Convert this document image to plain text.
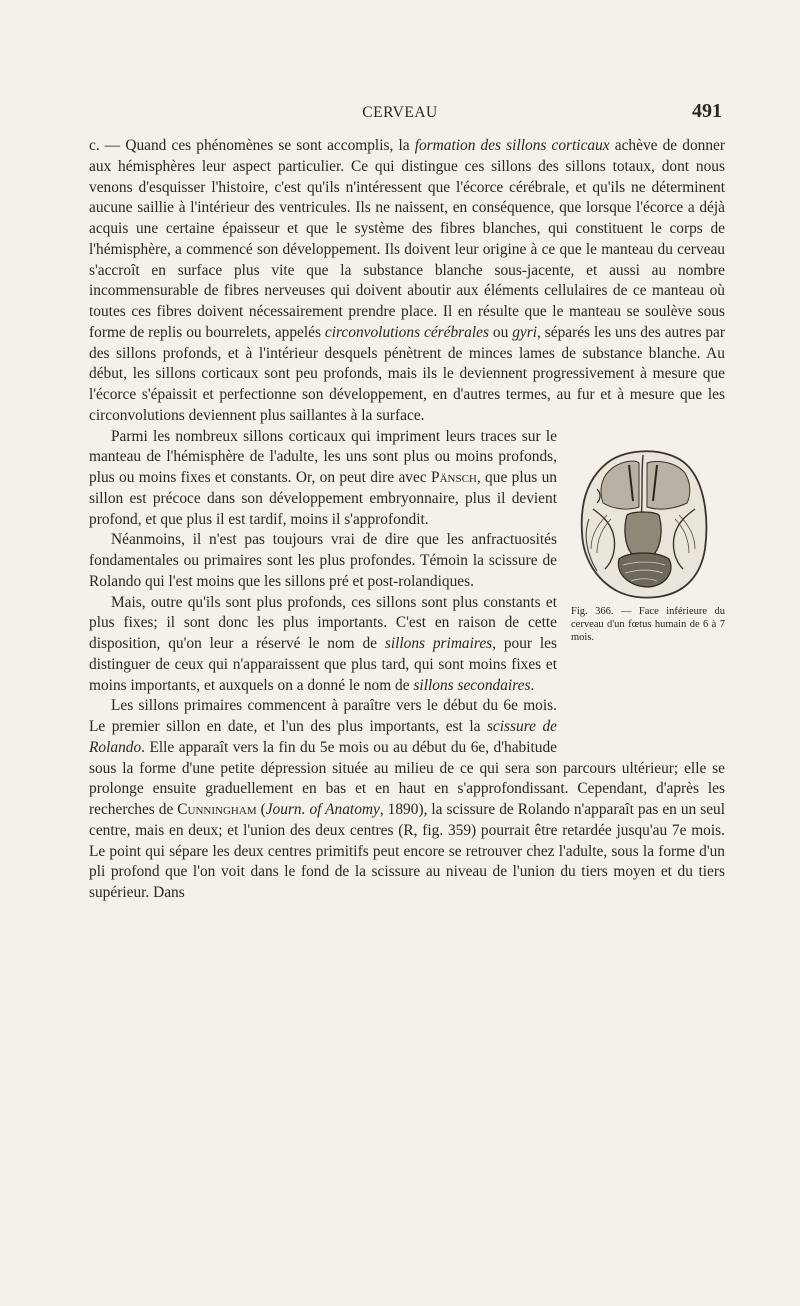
CERVEAU	491

c. — Quand ces phénomènes se sont accomplis, la formation des sillons corticaux achève de donner aux hémisphères leur aspect particulier. Ce qui distingue ces sillons des sillons totaux, dont nous venons d'esquisser l'histoire, c'est qu'ils n'intéressent que l'écorce cérébrale, et qu'ils ne déterminent aucune saillie à l'intérieur des ventricules. Ils ne naissent, en conséquence, que lorsque l'écorce a déjà acquis une certaine épaisseur et que le système des fibres blanches, qui constituent le corps de l'hémisphère, a commencé son développement. Ils doivent leur origine à ce que le manteau du cerveau s'accroît en surface plus vite que la substance blanche sous-jacente, et aussi au nombre incommensurable de fibres nerveuses qui doivent aboutir aux éléments cellulaires de ce manteau où toutes ces fibres doivent nécessairement prendre place. Il en résulte que le manteau se soulève sous forme de replis ou bourrelets, appelés circonvolutions cérébrales ou gyri, séparés les uns des autres par des sillons profonds, et à l'intérieur desquels pénètrent de minces lames de substance blanche. Au début, les sillons corticaux sont peu profonds, mais ils le deviennent progressivement à mesure que l'écorce s'épaissit et perfectionne son développement, en d'autres termes, au fur et à mesure que les circonvolutions deviennent plus saillantes à la surface.

Fig. 366. — Face inférieure du cerveau d'un fœtus humain de 6 à 7 mois.

Parmi les nombreux sillons corticaux qui impriment leurs traces sur le manteau de l'hémisphère de l'adulte, les uns sont plus ou moins profonds, plus ou moins fixes et constants. Or, on peut dire avec Pänsch, que plus un sillon est précoce dans son développement embryonnaire, plus il devient profond, et que plus il est tardif, moins il s'approfondit.

Néanmoins, il n'est pas toujours vrai de dire que les anfractuosités fondamentales ou primaires sont les plus profondes. Témoin la scissure de Rolando qui l'est moins que les sillons pré et post-rolandiques.

Mais, outre qu'ils sont plus profonds, ces sillons sont plus constants et plus fixes; il sont donc les plus importants. C'est en raison de cette disposition, qu'on leur a réservé le nom de sillons primaires, pour les distinguer de ceux qui n'apparaissent que plus tard, qui sont moins fixes et moins importants, et auxquels on a donné le nom de sillons secondaires.

Les sillons primaires commencent à paraître vers le début du 6e mois. Le premier sillon en date, et l'un des plus importants, est la scissure de Rolando. Elle apparaît vers la fin du 5e mois ou au début du 6e, d'habitude sous la forme d'une petite dépression située au milieu de ce qui sera son parcours ultérieur; elle se prolonge ensuite graduellement en bas et en haut en s'approfondissant. Cependant, d'après les recherches de Cunningham (Journ. of Anatomy, 1890), la scissure de Rolando n'apparaît pas en un seul centre, mais en deux; et l'union des deux centres (R, fig. 359) pourrait être retardée jusqu'au 7e mois. Le point qui sépare les deux centres primitifs peut encore se retrouver chez l'adulte, sous la forme d'un pli profond que l'on voit dans le fond de la scissure au niveau de l'union du tiers moyen et du tiers supérieur. Dans
